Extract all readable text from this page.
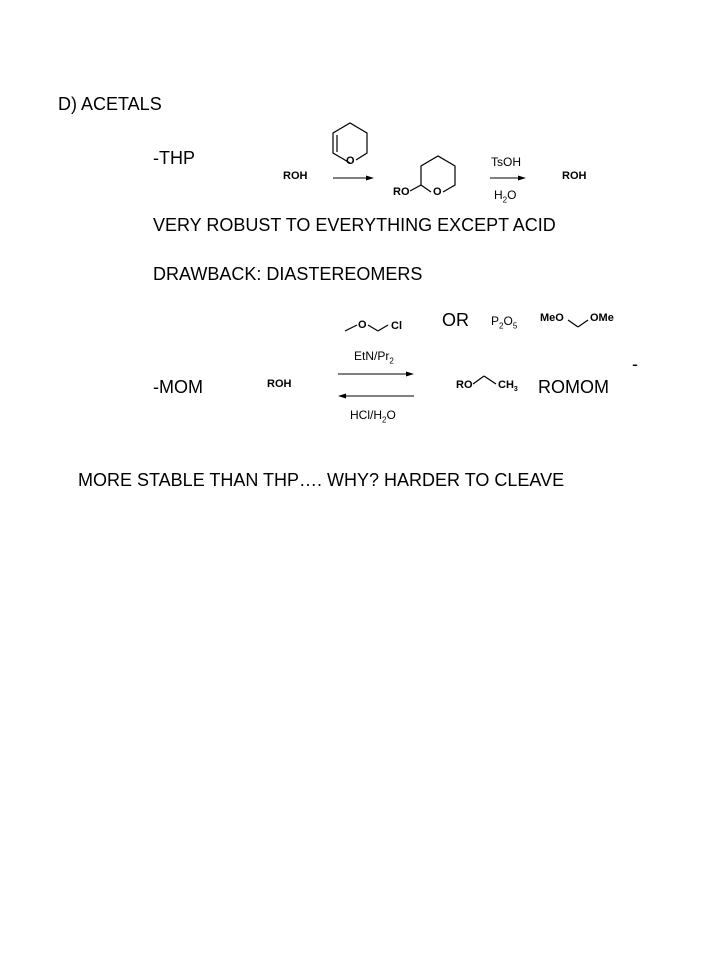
D) ACETALS
-THP
ROH
O
RO O
TsOH
$H_2O$
ROH
VERY ROBUST TO EVERYTHING EXCEPT ACID
DRAWBACK: DIASTEREOMERS
-MOM	ROH
O Cl
EtN/$Pr_2$
HCl/$H_2O$
OR $P_2O_5$
MeO OMe
RO $CH_3$ ROMOM
-
MORE STABLE THAN THP…. WHY? HARDER TO CLEAVE
